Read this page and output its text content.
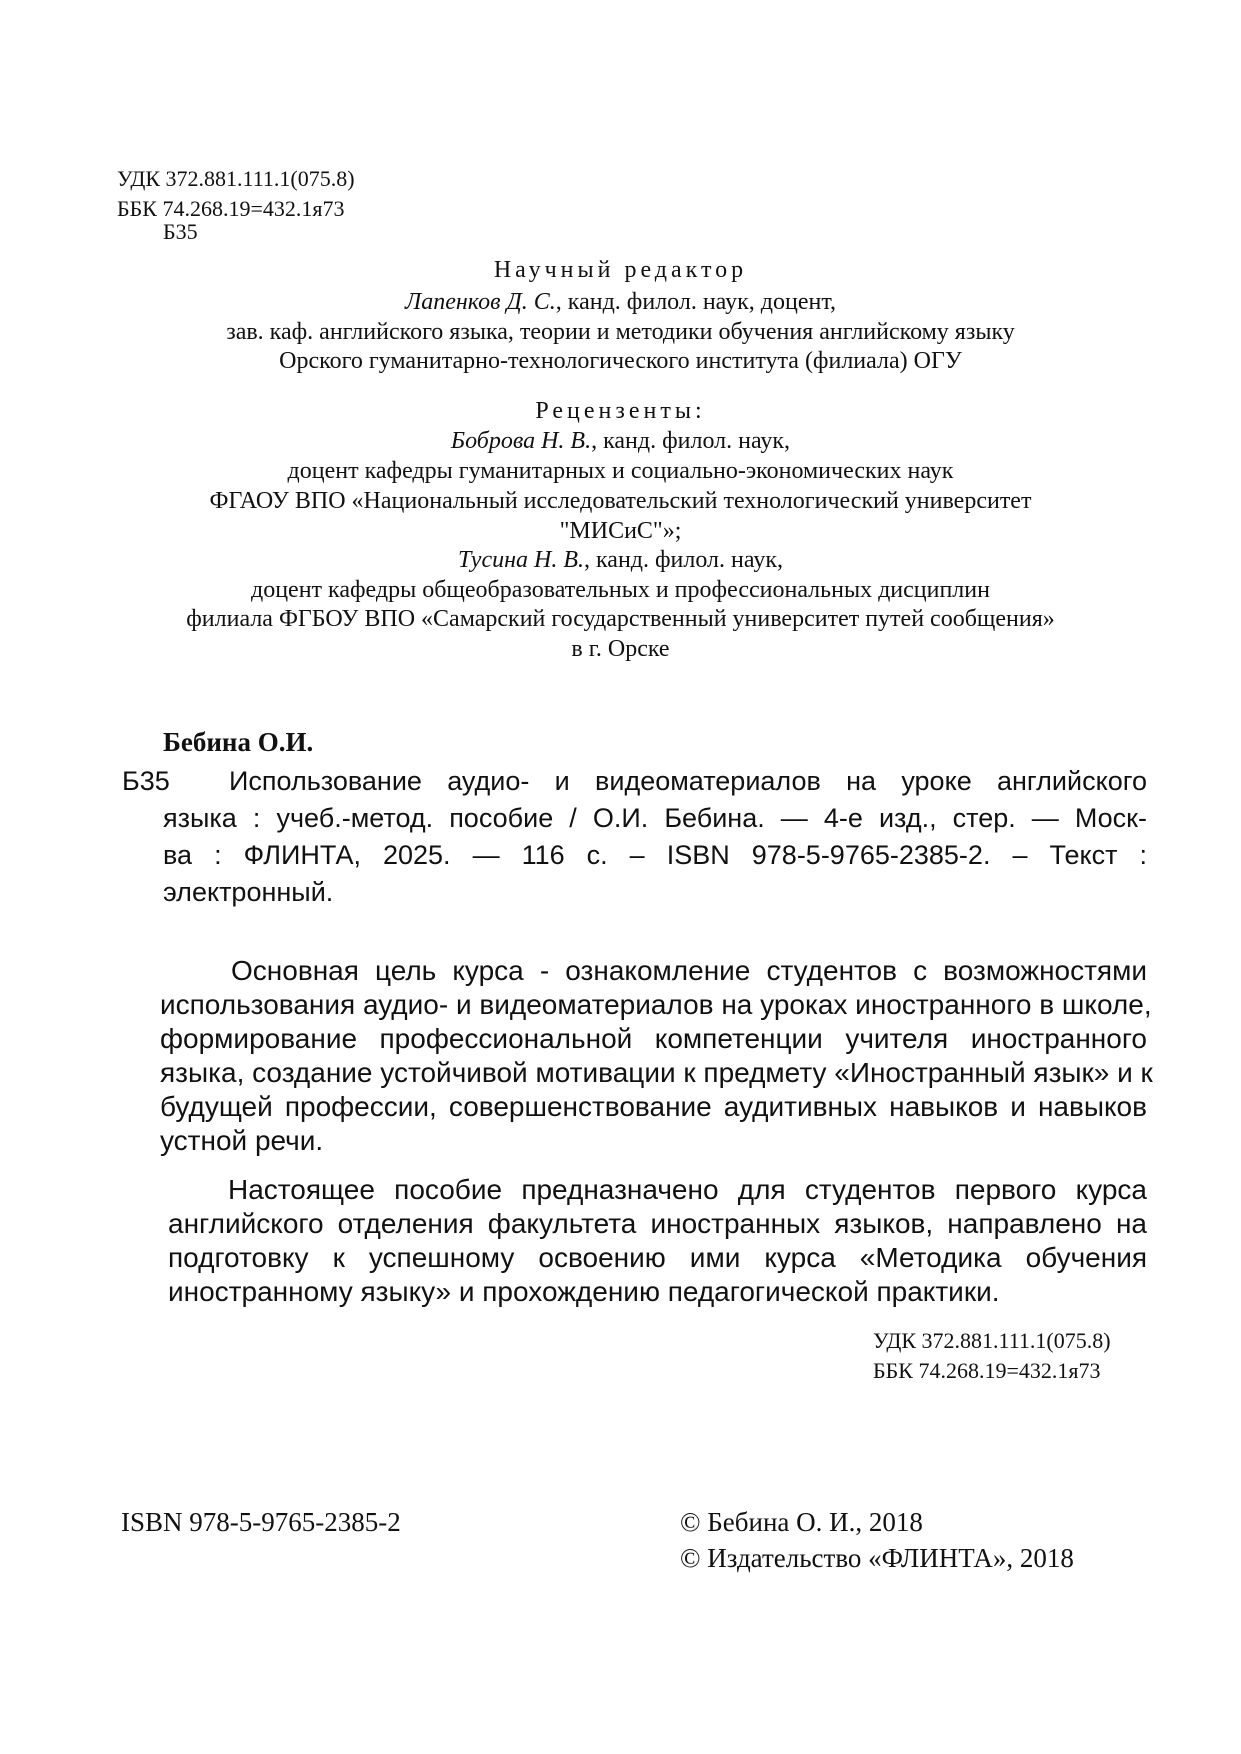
УДК 372.881.111.1(075.8)
ББК 74.268.19=432.1я73
Б35
Научный редактор
Лапенков Д. С., канд. филол. наук, доцент,
зав. каф. английского языка, теории и методики обучения английскому языку
Орского гуманитарно-технологического института (филиала) ОГУ
Рецензенты:
Боброва Н. В., канд. филол. наук,
доцент кафедры гуманитарных и социально-экономических наук
ФГАОУ ВПО «Национальный исследовательский технологический университет
"МИСиС"»;
Тусина Н. В., канд. филол. наук,
доцент кафедры общеобразовательных и профессиональных дисциплин
филиала ФГБОУ ВПО «Самарский государственный университет путей сообщения»
в г. Орске
Бебина О.И.
Б35 Использование аудио- и видеоматериалов на уроке английского
языка : учеб.-метод. пособие / О.И. Бебина. — 4-е изд., стер. — Моск-
ва : ФЛИНТА, 2025. — 116 с. – ISBN 978-5-9765-2385-2. – Текст :
электронный.
Основная цель курса - ознакомление студентов с возможностями
использования аудио- и видеоматериалов на уроках иностранного в школе,
формирование профессиональной компетенции учителя иностранного
языка, создание устойчивой мотивации к предмету «Иностранный язык» и к
будущей профессии, совершенствование аудитивных навыков и навыков
устной речи.
Настоящее пособие предназначено для студентов первого курса
английского отделения факультета иностранных языков, направлено на
подготовку к успешному освоению ими курса «Методика обучения
иностранному языку» и прохождению педагогической практики.
УДК 372.881.111.1(075.8)
ББК 74.268.19=432.1я73
ISBN 978-5-9765-2385-2	© Бебина О. И., 2018
© Издательство «ФЛИНТА», 2018
